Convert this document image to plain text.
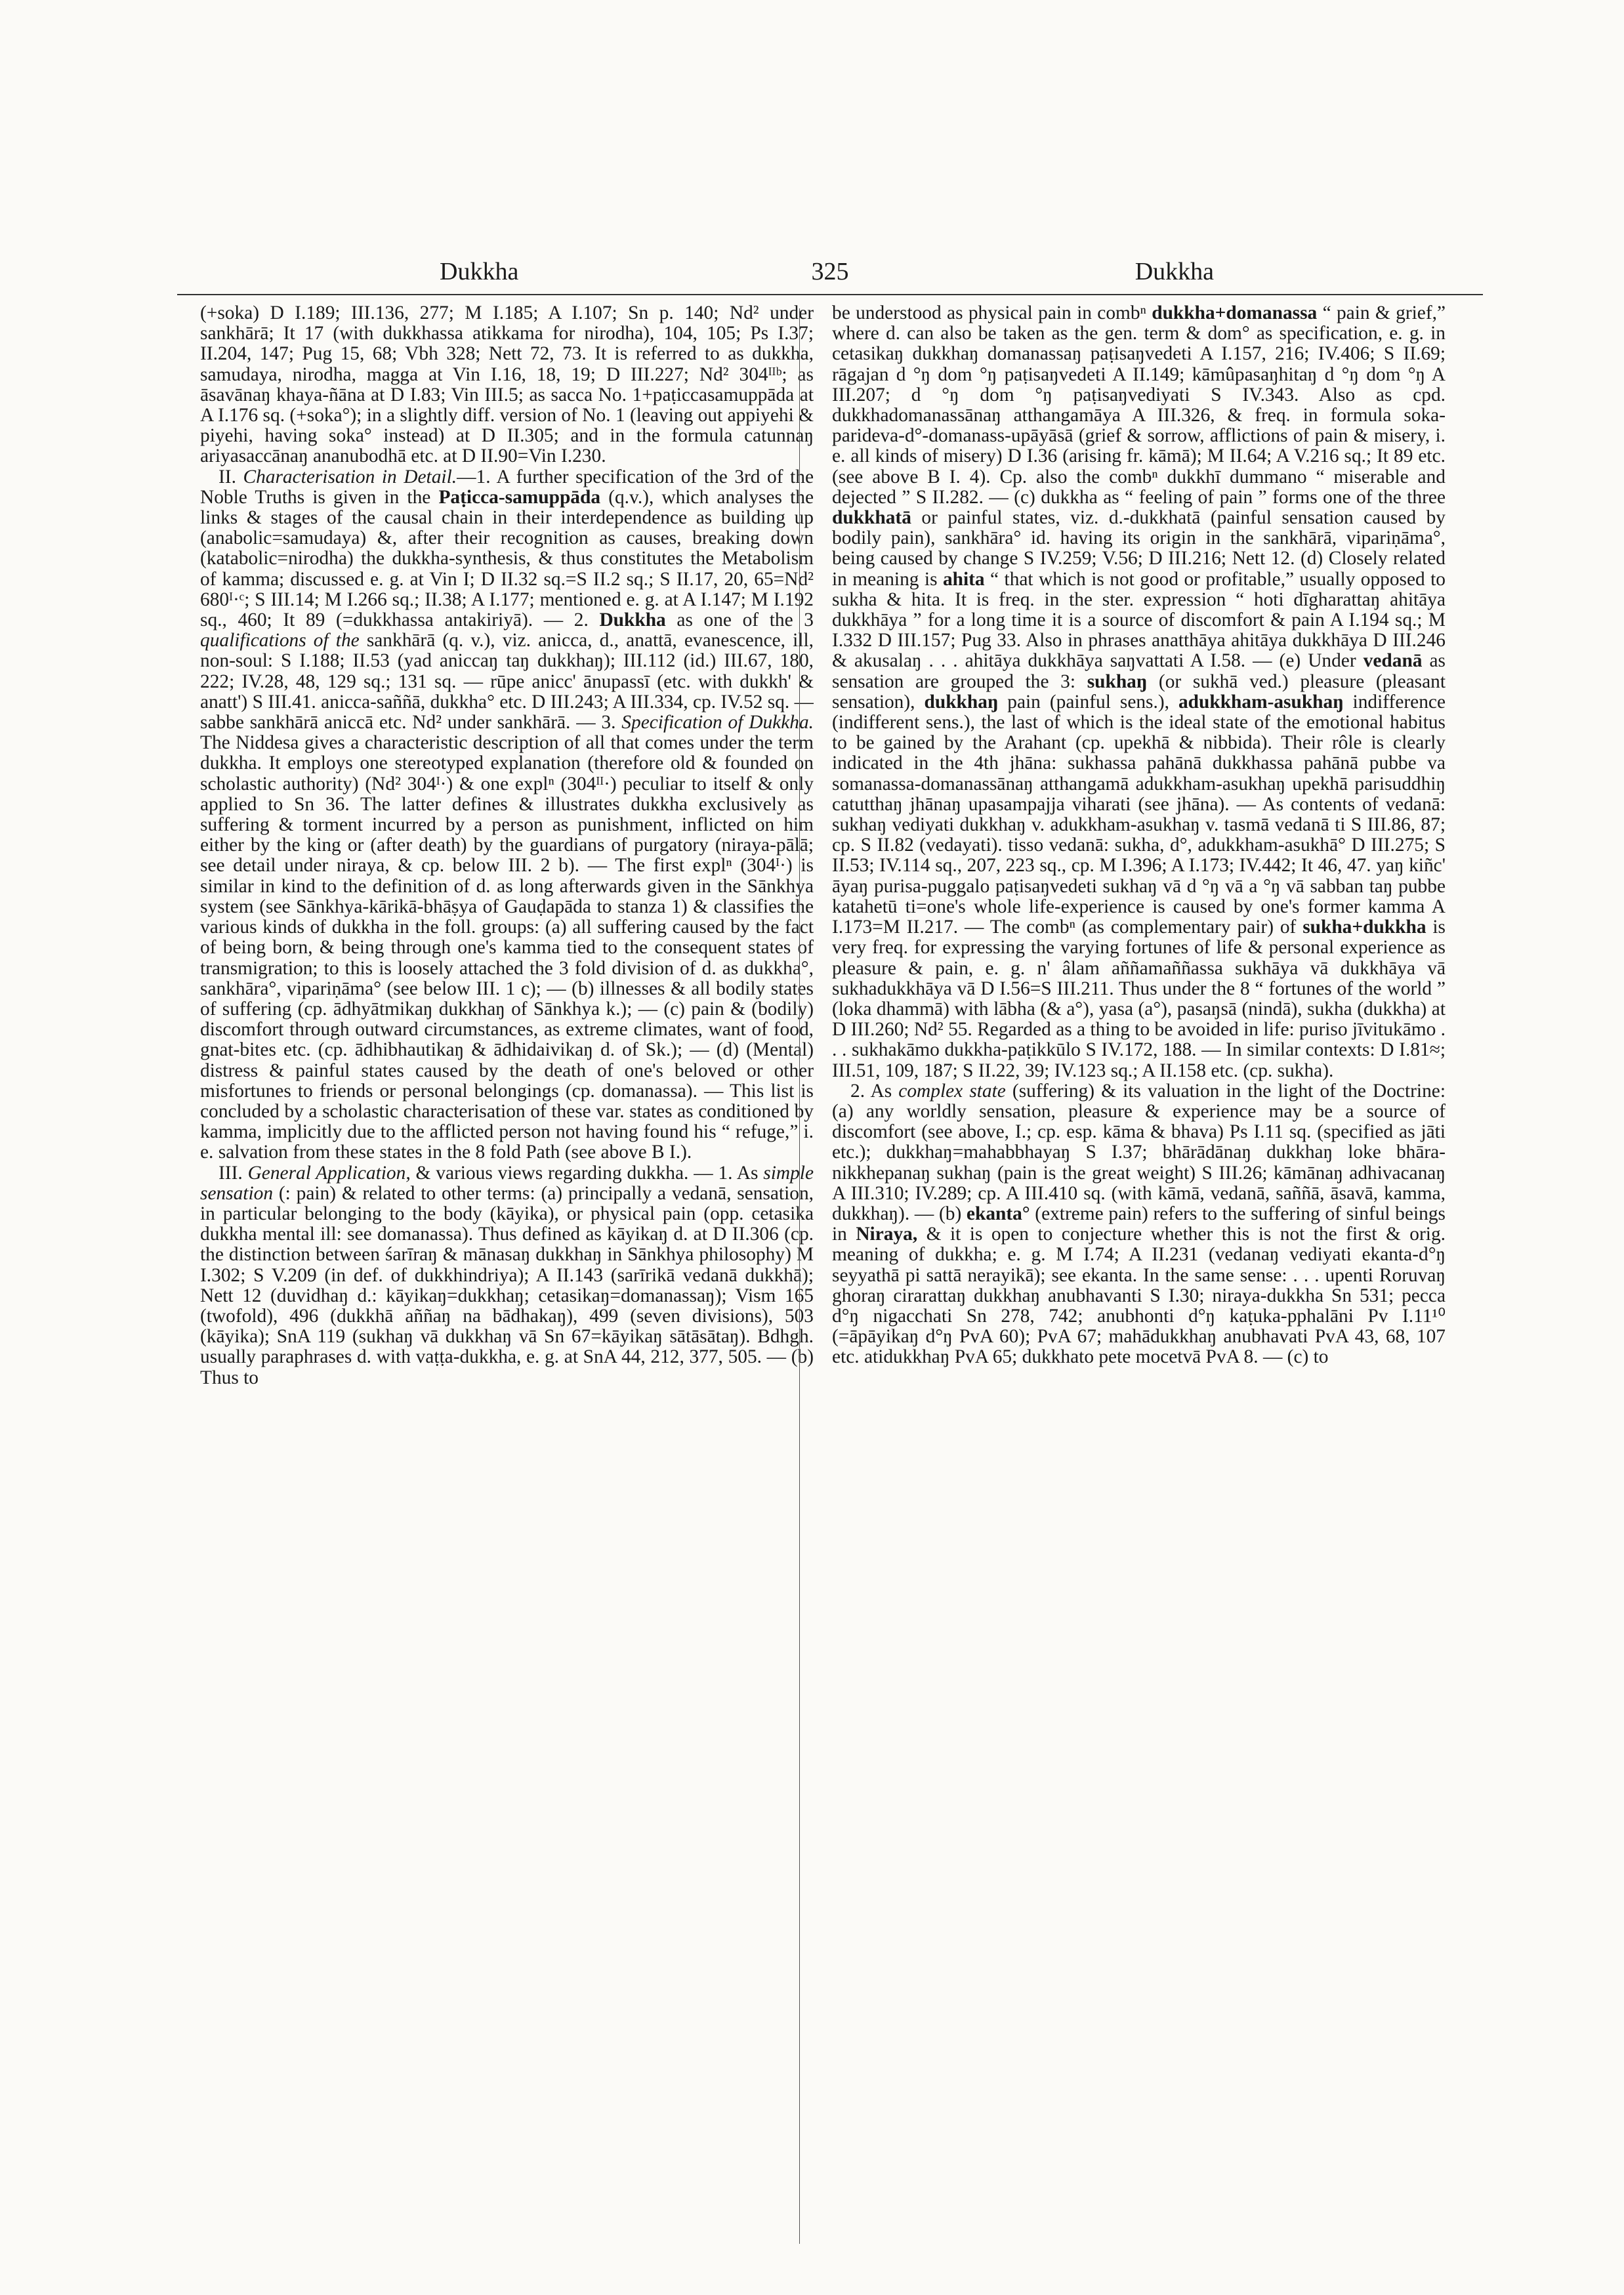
Dukkha	325	Dukkha

(+soka) D I.189; III.136, 277; M I.185; A I.107; Sn p. 140; Nd² under sankhārā; It 17 (with dukkhassa atikkama for nirodha), 104, 105; Ps I.37; II.204, 147; Pug 15, 68; Vbh 328; Nett 72, 73. It is referred to as dukkha, samudaya, nirodha, magga at Vin I.16, 18, 19; D III.227; Nd² 304ᴵᴵᵇ; as āsavānaŋ khaya-ñāna at D I.83; Vin III.5; as sacca No. 1+paṭiccasamuppāda at A I.176 sq. (+soka°); in a slightly diff. version of No. 1 (leaving out appiyehi & piyehi, having soka° instead) at D II.305; and in the formula catunnaŋ ariyasaccānaŋ ananubodhā etc. at D II.90=Vin I.230.

II. Characterisation in Detail.—1. A further specification of the 3rd of the Noble Truths is given in the Paṭicca-samuppāda (q.v.), which analyses the links & stages of the causal chain in their interdependence as building up (anabolic=samudaya) &, after their recognition as causes, breaking down (katabolic=nirodha) the dukkha-synthesis, & thus constitutes the Metabolism of kamma; discussed e. g. at Vin I; D II.32 sq.=S II.2 sq.; S II.17, 20, 65=Nd² 680ᴵ·ᶜ; S III.14; M I.266 sq.; II.38; A I.177; mentioned e. g. at A I.147; M I.192 sq., 460; It 89 (=dukkhassa antakiriyā). — 2. Dukkha as one of the 3 qualifications of the sankhārā (q. v.), viz. anicca, d., anattā, evanescence, ill, non-soul: S I.188; II.53 (yad aniccaŋ taŋ dukkhaŋ); III.112 (id.) III.67, 180, 222; IV.28, 48, 129 sq.; 131 sq. — rūpe anicc' ānupassī (etc. with dukkh' & anatt') S III.41. anicca-saññā, dukkha° etc. D III.243; A III.334, cp. IV.52 sq. — sabbe sankhārā aniccā etc. Nd² under sankhārā. — 3. Specification of Dukkha. The Niddesa gives a characteristic description of all that comes under the term dukkha. It employs one stereotyped explanation (therefore old & founded on scholastic authority) (Nd² 304ᴵ·) & one explⁿ (304ᴵᴵ·) peculiar to itself & only applied to Sn 36. The latter defines & illustrates dukkha exclusively as suffering & torment incurred by a person as punishment, inflicted on him either by the king or (after death) by the guardians of purgatory (niraya-pālā; see detail under niraya, & cp. below III. 2 b). — The first explⁿ (304ᴵ·) is similar in kind to the definition of d. as long afterwards given in the Sānkhya system (see Sānkhya-kārikā-bhāṣya of Gauḍapāda to stanza 1) & classifies the various kinds of dukkha in the foll. groups: (a) all suffering caused by the fact of being born, & being through one's kamma tied to the consequent states of transmigration; to this is loosely attached the 3 fold division of d. as dukkha°, sankhāra°, vipariṇāma° (see below III. 1 c); — (b) illnesses & all bodily states of suffering (cp. ādhyātmikaŋ dukkhaŋ of Sānkhya k.); — (c) pain & (bodily) discomfort through outward circumstances, as extreme climates, want of food, gnat-bites etc. (cp. ādhibhautikaŋ & ādhidaivikaŋ d. of Sk.); — (d) (Mental) distress & painful states caused by the death of one's beloved or other misfortunes to friends or personal belongings (cp. domanassa). — This list is concluded by a scholastic characterisation of these var. states as conditioned by kamma, implicitly due to the afflicted person not having found his “ refuge,” i. e. salvation from these states in the 8 fold Path (see above B I.).

III. General Application, & various views regarding dukkha. — 1. As simple sensation (: pain) & related to other terms: (a) principally a vedanā, sensation, in particular belonging to the body (kāyika), or physical pain (opp. cetasika dukkha mental ill: see domanassa). Thus defined as kāyikaŋ d. at D II.306 (cp. the distinction between śarīraŋ & mānasaŋ dukkhaŋ in Sānkhya philosophy) M I.302; S V.209 (in def. of dukkhindriya); A II.143 (sarīrikā vedanā dukkhā); Nett 12 (duvidhaŋ d.: kāyikaŋ=dukkhaŋ; cetasikaŋ=domanassaŋ); Vism 165 (twofold), 496 (dukkhā aññaŋ na bādhakaŋ), 499 (seven divisions), 503 (kāyika); SnA 119 (sukhaŋ vā dukkhaŋ vā Sn 67=kāyikaŋ sātāsātaŋ). Bdhgh. usually paraphrases d. with vaṭṭa-dukkha, e. g. at SnA 44, 212, 377, 505. — (b) Thus to

be understood as physical pain in combⁿ dukkha+domanassa “ pain & grief,” where d. can also be taken as the gen. term & dom° as specification, e. g. in cetasikaŋ dukkhaŋ domanassaŋ paṭisaŋvedeti A I.157, 216; IV.406; S II.69; rāgajan d °ŋ dom °ŋ paṭisaŋvedeti A II.149; kāmûpasaŋhitaŋ d °ŋ dom °ŋ A III.207; d °ŋ dom °ŋ paṭisaŋvediyati S IV.343. Also as cpd. dukkhadomanassānaŋ atthangamāya A III.326, & freq. in formula soka-parideva-d°-domanass-upāyāsā (grief & sorrow, afflictions of pain & misery, i. e. all kinds of misery) D I.36 (arising fr. kāmā); M II.64; A V.216 sq.; It 89 etc. (see above B I. 4). Cp. also the combⁿ dukkhī dummano “ miserable and dejected ” S II.282. — (c) dukkha as “ feeling of pain ” forms one of the three dukkhatā or painful states, viz. d.-dukkhatā (painful sensation caused by bodily pain), sankhāra° id. having its origin in the sankhārā, vipariṇāma°, being caused by change S IV.259; V.56; D III.216; Nett 12. (d) Closely related in meaning is ahita “ that which is not good or profitable,” usually opposed to sukha & hita. It is freq. in the ster. expression “ hoti dīgharattaŋ ahitāya dukkhāya ” for a long time it is a source of discomfort & pain A I.194 sq.; M I.332 D III.157; Pug 33. Also in phrases anatthāya ahitāya dukkhāya D III.246 & akusalaŋ . . . ahitāya dukkhāya saŋvattati A I.58. — (e) Under vedanā as sensation are grouped the 3: sukhaŋ (or sukhā ved.) pleasure (pleasant sensation), dukkhaŋ pain (painful sens.), adukkham-asukhaŋ indifference (indifferent sens.), the last of which is the ideal state of the emotional habitus to be gained by the Arahant (cp. upekhā & nibbida). Their rôle is clearly indicated in the 4th jhāna: sukhassa pahānā dukkhassa pahānā pubbe va somanassa-domanassānaŋ atthangamā adukkham-asukhaŋ upekhā parisuddhiŋ catutthaŋ jhānaŋ upasampajja viharati (see jhāna). — As contents of vedanā: sukhaŋ vediyati dukkhaŋ v. adukkham-asukhaŋ v. tasmā vedanā ti S III.86, 87; cp. S II.82 (vedayati). tisso vedanā: sukha, d°, adukkham-asukhā° D III.275; S II.53; IV.114 sq., 207, 223 sq., cp. M I.396; A I.173; IV.442; It 46, 47. yaŋ kiñc' āyaŋ purisa-puggalo paṭisaŋvedeti sukhaŋ vā d °ŋ vā a °ŋ vā sabban taŋ pubbe katahetū ti=one's whole life-experience is caused by one's former kamma A I.173=M II.217. — The combⁿ (as complementary pair) of sukha+dukkha is very freq. for expressing the varying fortunes of life & personal experience as pleasure & pain, e. g. n' âlam aññamaññassa sukhāya vā dukkhāya vā sukhadukkhāya vā D I.56=S III.211. Thus under the 8 “ fortunes of the world ” (loka dhammā) with lābha (& a°), yasa (a°), pasaŋsā (nindā), sukha (dukkha) at D III.260; Nd² 55. Regarded as a thing to be avoided in life: puriso jīvitukāmo . . . sukhakāmo dukkha-paṭikkūlo S IV.172, 188. — In similar contexts: D I.81≈; III.51, 109, 187; S II.22, 39; IV.123 sq.; A II.158 etc. (cp. sukha).

2. As complex state (suffering) & its valuation in the light of the Doctrine: (a) any worldly sensation, pleasure & experience may be a source of discomfort (see above, I.; cp. esp. kāma & bhava) Ps I.11 sq. (specified as jāti etc.); dukkhaŋ=mahabbhayaŋ S I.37; bhārādānaŋ dukkhaŋ loke bhāra-nikkhepanaŋ sukhaŋ (pain is the great weight) S III.26; kāmānaŋ adhivacanaŋ A III.310; IV.289; cp. A III.410 sq. (with kāmā, vedanā, saññā, āsavā, kamma, dukkhaŋ). — (b) ekanta° (extreme pain) refers to the suffering of sinful beings in Niraya, & it is open to conjecture whether this is not the first & orig. meaning of dukkha; e. g. M I.74; A II.231 (vedanaŋ vediyati ekanta-d°ŋ seyyathā pi sattā nerayikā); see ekanta. In the same sense: . . . upenti Roruvaŋ ghoraŋ cirarattaŋ dukkhaŋ anubhavanti S I.30; niraya-dukkha Sn 531; pecca d°ŋ nigacchati Sn 278, 742; anubhonti d°ŋ kaṭuka-pphalāni Pv I.11¹⁰ (=āpāyikaŋ d°ŋ PvA 60); PvA 67; mahādukkhaŋ anubhavati PvA 43, 68, 107 etc. atidukkhaŋ PvA 65; dukkhato pete mocetvā PvA 8. — (c) to
